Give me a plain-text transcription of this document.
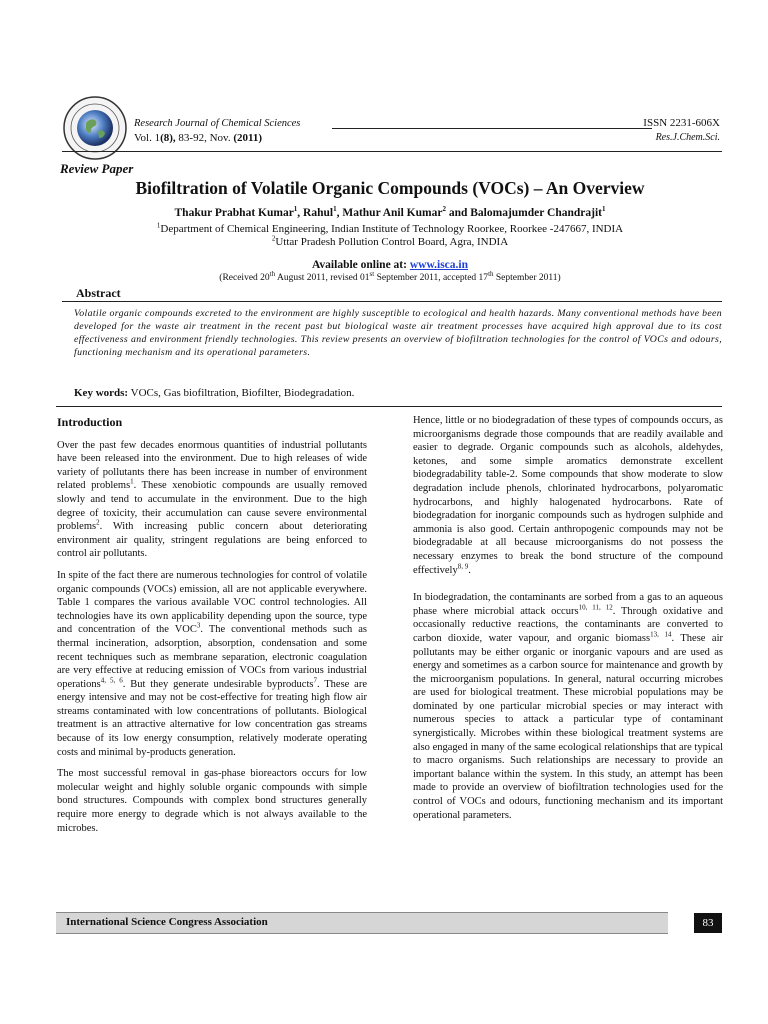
Research Journal of Chemical Sciences	ISSN 2231-606X
Vol. 1(8), 83-92, Nov. (2011)	Res.J.Chem.Sci.
Review Paper
Biofiltration of Volatile Organic Compounds (VOCs) – An Overview
Thakur Prabhat Kumar$^1$, Rahul$^1$, Mathur Anil Kumar$^2$ and Balomajumder Chandrajit$^1$
$^1$Department of Chemical Engineering, Indian Institute of Technology Roorkee, Roorkee -247667, INDIA
$^2$Uttar Pradesh Pollution Control Board, Agra, INDIA
Available online at: www.isca.in
(Received 20th August 2011, revised 01st September 2011, accepted 17th September 2011)
Abstract
Volatile organic compounds excreted to the environment are highly susceptible to ecological and health hazards. Many conventional methods have been developed for the waste air treatment in the recent past but biological waste air treatment processes have acquired high approval due to its cost effectiveness and environment friendly technologies. This review presents an overview of biofiltration technologies for the control of VOCs and odours, functioning mechanism and its operational parameters.
Key words: VOCs, Gas biofiltration, Biofilter, Biodegradation.
Introduction

Over the past few decades enormous quantities of industrial pollutants have been released into the environment. Due to high releases of wide variety of pollutants there has been increase in number of environment related problems$^1$. These xenobiotic compounds are usually removed slowly and tend to accumulate in the environment. Due to the high degree of toxicity, their accumulation can cause severe environmental problems$^2$. With increasing public concern about deteriorating environment air quality, stringent regulations are being enforced to control air pollutants.

In spite of the fact there are numerous technologies for control of volatile organic compounds (VOCs) emission, all are not applicable everywhere. Table 1 compares the various available VOC control technologies. All technologies have its own applicability depending upon the source, type and concentration of the VOC$^3$. The conventional methods such as thermal incineration, adsorption, absorption, condensation and some recent techniques such as membrane separation, electronic coagulation are very effective at reducing emission of VOCs from various industrial operations$^{4, 5, 6}$. But they generate undesirable byproducts$^7$. These are energy intensive and may not be cost-effective for treating high flow air streams contaminated with low concentrations of pollutants. Biological treatment is an attractive alternative for low concentration gas streams because of its low energy consumption, relatively moderate operating costs and minimal by-products generation.

The most successful removal in gas-phase bioreactors occurs for low molecular weight and highly soluble organic compounds with simple bond structures. Compounds with complex bond structures generally require more energy to degrade which is not always available to the microbes.

Hence, little or no biodegradation of these types of compounds occurs, as microorganisms degrade those compounds that are readily available and easier to degrade. Organic compounds such as alcohols, aldehydes, ketones, and some simple aromatics demonstrate excellent biodegradability table-2. Some compounds that show moderate to slow degradation include phenols, chlorinated hydrocarbons, polyaromatic hydrocarbons, and highly halogenated hydrocarbons. Rate of biodegradation for inorganic compounds such as hydrogen sulphide and ammonia is also good. Certain anthropogenic compounds may not be biodegradable at all because microorganisms do not possess the necessary enzymes to break the bond structure of the compound effectively$^{8, 9}$.

In biodegradation, the contaminants are sorbed from a gas to an aqueous phase where microbial attack occurs$^{10, 11, 12}$. Through oxidative and occasionally reductive reactions, the contaminants are converted to carbon dioxide, water vapour, and organic biomass$^{13, 14}$. These air pollutants may be either organic or inorganic vapours and are used as energy and sometimes as a carbon source for maintenance and growth by the microorganism populations. In general, natural occurring microbes are used for biological treatment. These microbial populations may be dominated by one particular microbial species or may interact with numerous species to attack a particular type of contaminant synergistically. Microbes within these biological treatment systems are also engaged in many of the same ecological relationships that are typical to macro organisms. Such relationships are necessary to provide an important balance within the system. In this study, an attempt has been made to provide an overview of biofiltration technologies used for the control of VOCs and odours, functioning mechanism and its important operational parameters.

International Science Congress Association	83
